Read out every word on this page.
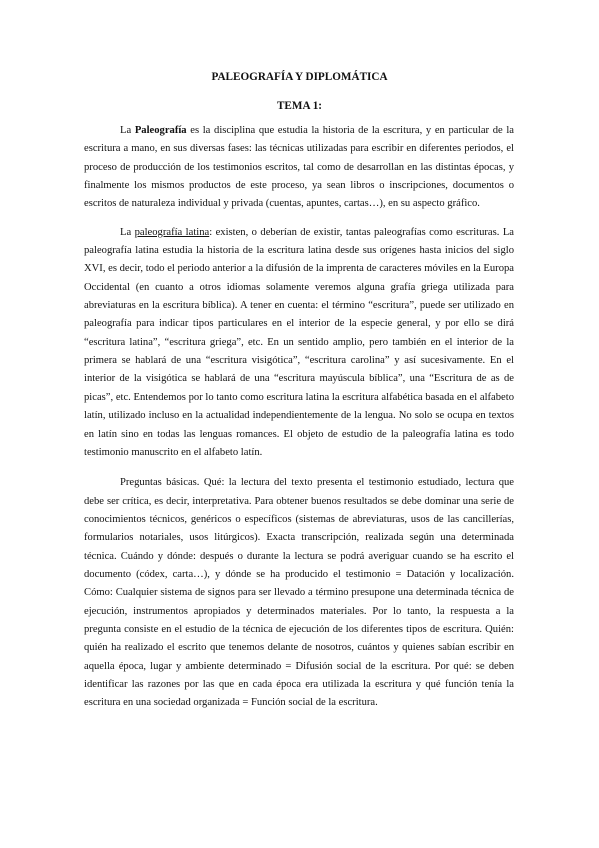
PALEOGRAFÍA Y DIPLOMÁTICA
TEMA 1:

La Paleografía es la disciplina que estudia la historia de la escritura, y en particular de la escritura a mano, en sus diversas fases: las técnicas utilizadas para escribir en diferentes periodos, el proceso de producción de los testimonios escritos, tal como de desarrollan en las distintas épocas, y finalmente los mismos productos de este proceso, ya sean libros o inscripciones, documentos o escritos de naturaleza individual y privada (cuentas, apuntes, cartas…), en su aspecto gráfico.

La paleografía latina: existen, o deberían de existir, tantas paleografías como escrituras. La paleografía latina estudia la historia de la escritura latina desde sus orígenes hasta inicios del siglo XVI, es decir, todo el periodo anterior a la difusión de la imprenta de caracteres móviles en la Europa Occidental (en cuanto a otros idiomas solamente veremos alguna grafía griega utilizada para abreviaturas en la escritura bíblica). A tener en cuenta: el término “escritura”, puede ser utilizado en paleografía para indicar tipos particulares en el interior de la especie general, y por ello se dirá “escritura latina”, “escritura griega”, etc. En un sentido amplio, pero también en el interior de la primera se hablará de una “escritura visigótica”, “escritura carolina” y así sucesivamente. En el interior de la visigótica se hablará de una “escritura mayúscula bíblica”, una “Escritura de as de picas”, etc. Entendemos por lo tanto como escritura latina la escritura alfabética basada en el alfabeto latín, utilizado incluso en la actualidad independientemente de la lengua. No solo se ocupa en textos en latín sino en todas las lenguas romances. El objeto de estudio de la paleografía latina es todo testimonio manuscrito en el alfabeto latín.

Preguntas básicas. Qué: la lectura del texto presenta el testimonio estudiado, lectura que debe ser crítica, es decir, interpretativa. Para obtener buenos resultados se debe dominar una serie de conocimientos técnicos, genéricos o específicos (sistemas de abreviaturas, usos de las cancillerías, formularios notariales, usos litúrgicos). Exacta transcripción, realizada según una determinada técnica. Cuándo y dónde: después o durante la lectura se podrá averiguar cuando se ha escrito el documento (códex, carta…), y dónde se ha producido el testimonio = Datación y localización. Cómo: Cualquier sistema de signos para ser llevado a término presupone una determinada técnica de ejecución, instrumentos apropiados y determinados materiales. Por lo tanto, la respuesta a la pregunta consiste en el estudio de la técnica de ejecución de los diferentes tipos de escritura. Quién: quién ha realizado el escrito que tenemos delante de nosotros, cuántos y quienes sabían escribir en aquella época, lugar y ambiente determinado = Difusión social de la escritura. Por qué: se deben identificar las razones por las que en cada época era utilizada la escritura y qué función tenía la escritura en una sociedad organizada = Función social de la escritura.
